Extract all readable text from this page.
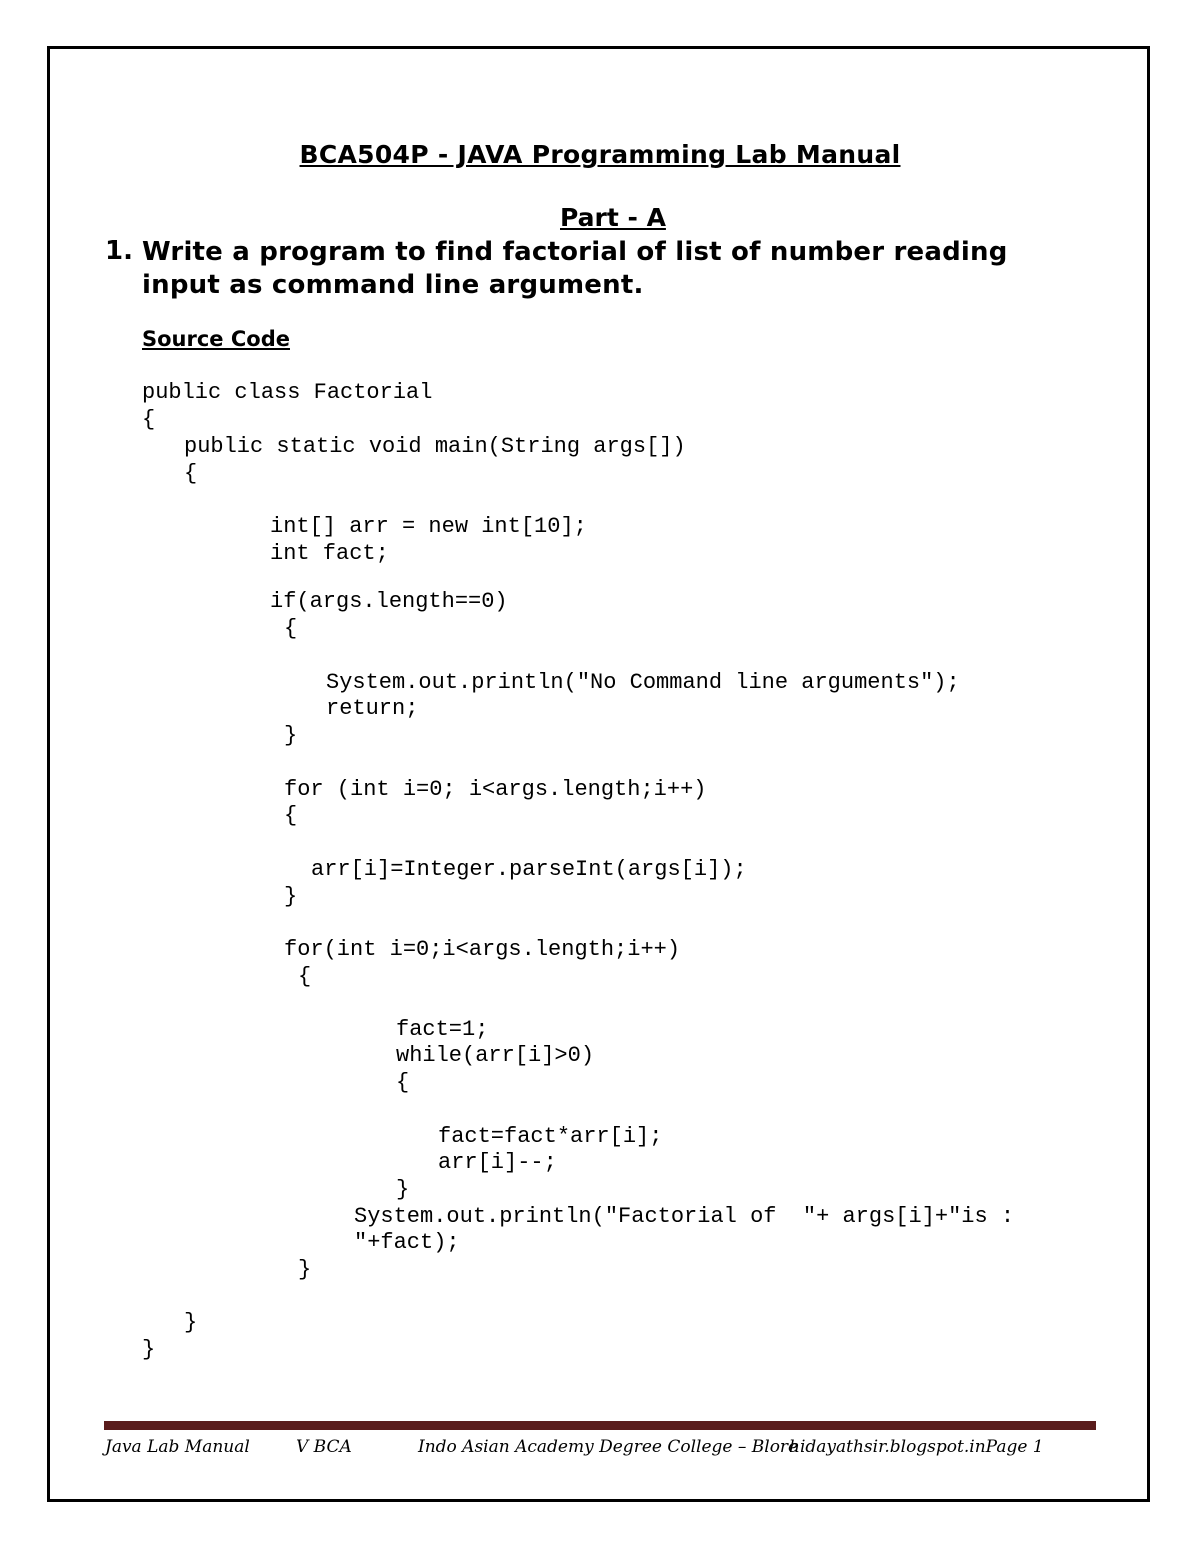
BCA504P - JAVA Programming Lab Manual
Part - A
1. Write a program to find factorial of list of number reading input as command line argument.
Source Code
public class Factorial
{
public static void main(String args[])
{
int[] arr = new int[10];
int fact;
if(args.length==0)
{
System.out.println("No Command line arguments");
return;
}
for (int i=0; i<args.length;i++)
{
arr[i]=Integer.parseInt(args[i]);
}
for(int i=0;i<args.length;i++)
{
fact=1;
while(arr[i]>0)
{
fact=fact*arr[i];
arr[i]--;
}
System.out.println("Factorial of  "+ args[i]+"is :
"+fact);
}
}
}
Java Lab Manual	V BCA	Indo Asian Academy Degree College – Blore
hidayathsir.blogspot.inPage 1
